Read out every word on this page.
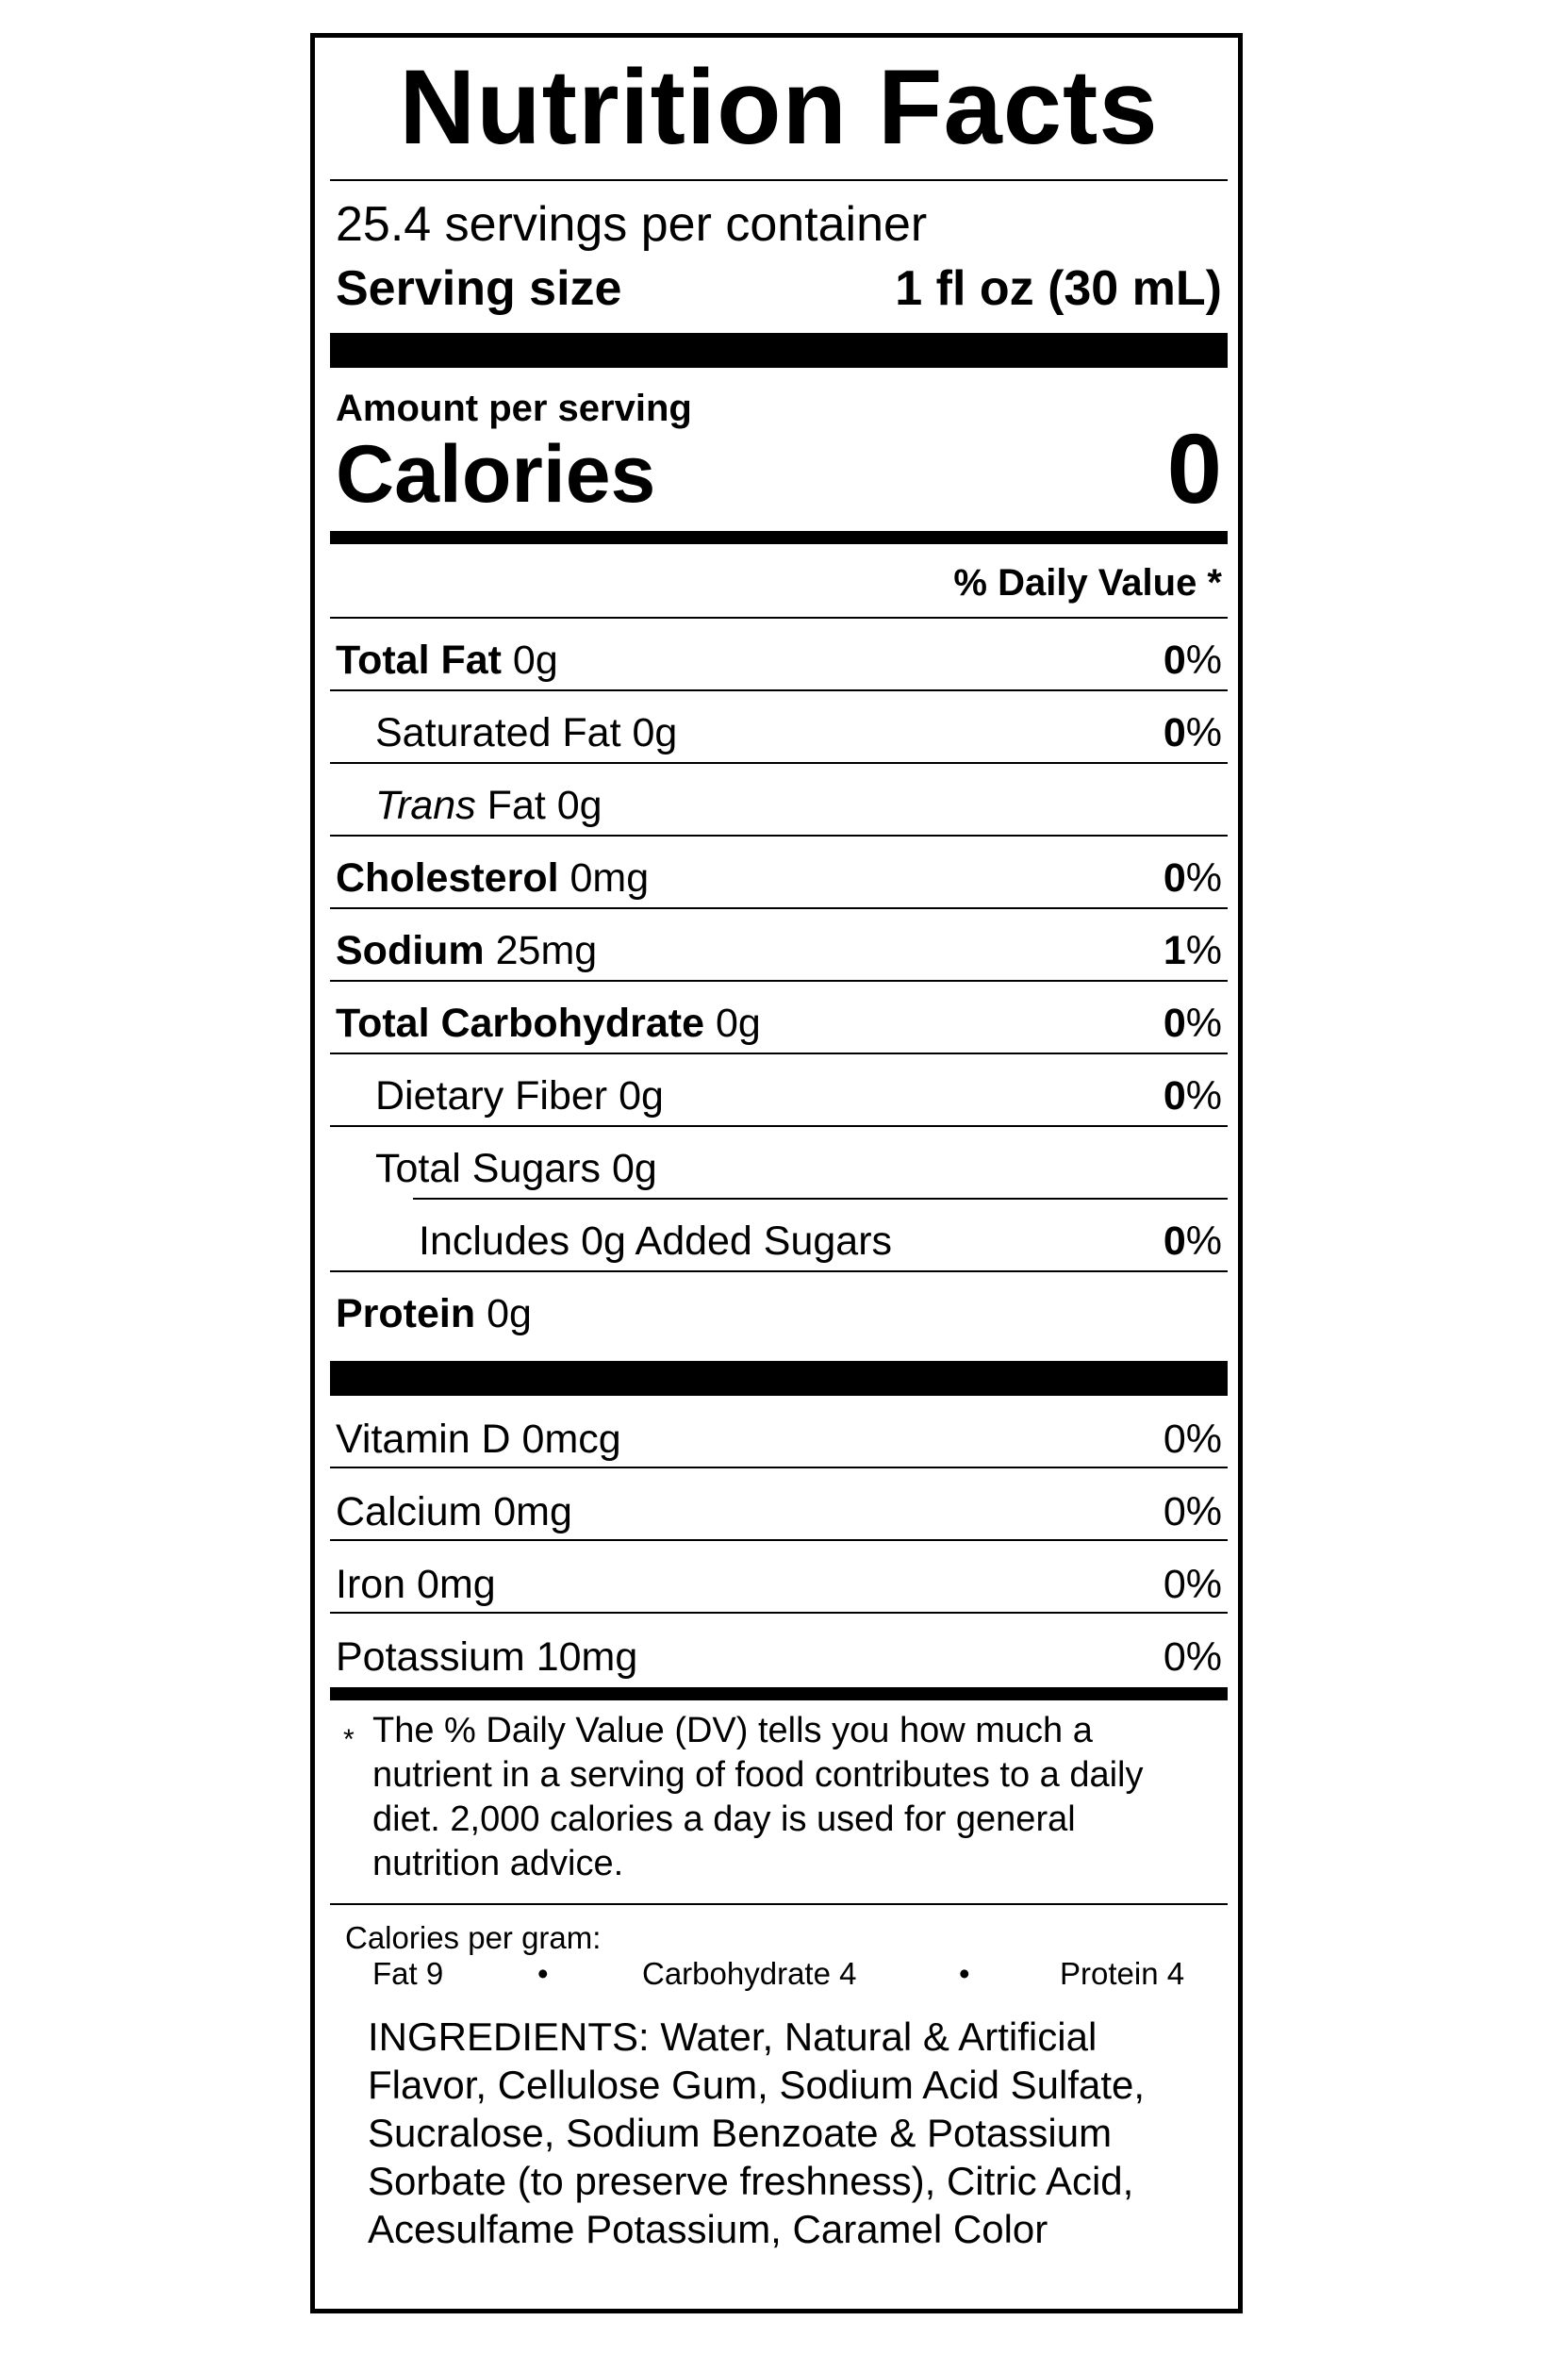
Nutrition Facts
25.4 servings per container
Serving size	1 fl oz (30 mL)
Amount per serving
Calories	0
% Daily Value *
Total Fat 0g	0%
Saturated Fat 0g	0%
Trans Fat 0g
Cholesterol 0mg	0%
Sodium 25mg	1%
Total Carbohydrate 0g	0%
Dietary Fiber 0g	0%
Total Sugars 0g
Includes 0g Added Sugars	0%
Protein 0g
Vitamin D 0mcg	0%
Calcium 0mg	0%
Iron 0mg	0%
Potassium 10mg	0%
* The % Daily Value (DV) tells you how much a nutrient in a serving of food contributes to a daily diet. 2,000 calories a day is used for general nutrition advice.
Calories per gram:
Fat 9	•	Carbohydrate 4	•	Protein 4
INGREDIENTS: Water, Natural & Artificial Flavor, Cellulose Gum, Sodium Acid Sulfate, Sucralose, Sodium Benzoate & Potassium Sorbate (to preserve freshness), Citric Acid, Acesulfame Potassium, Caramel Color
